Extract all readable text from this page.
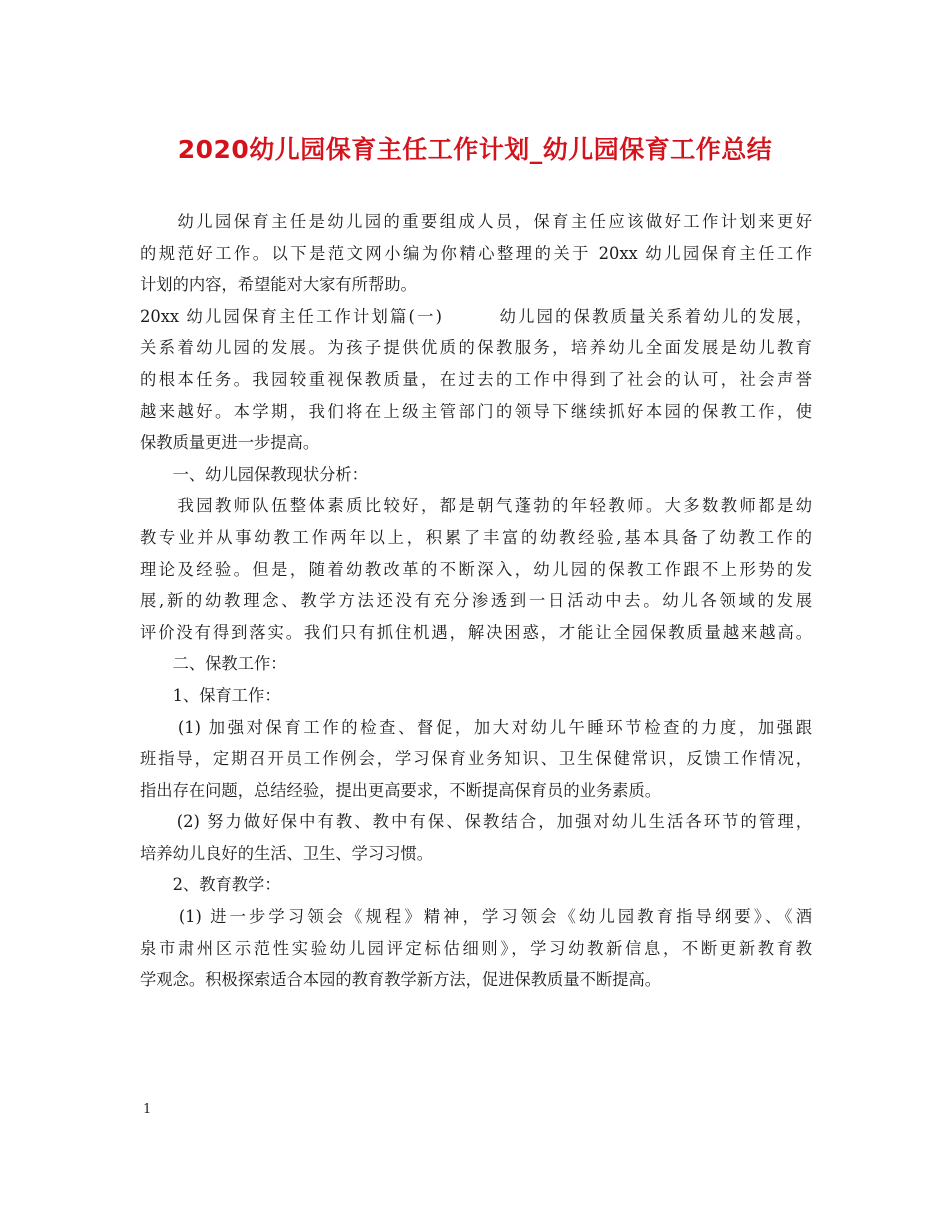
2020幼儿园保育主任工作计划_幼儿园保育工作总结
　　幼儿园保育主任是幼儿园的重要组成人员，保育主任应该做好工作计划来更好
的规范好工作。以下是范文网小编为你精心整理的关于 20xx 幼儿园保育主任工作
计划的内容，希望能对大家有所帮助。
20xx 幼儿园保育主任工作计划篇(一)　　　幼儿园的保教质量关系着幼儿的发展，
关系着幼儿园的发展。为孩子提供优质的保教服务，培养幼儿全面发展是幼儿教育
的根本任务。我园较重视保教质量，在过去的工作中得到了社会的认可，社会声誉
越来越好。本学期，我们将在上级主管部门的领导下继续抓好本园的保教工作，使
保教质量更进一步提高。
　　一、幼儿园保教现状分析：
　　我园教师队伍整体素质比较好，都是朝气蓬勃的年轻教师。大多数教师都是幼
教专业并从事幼教工作两年以上，积累了丰富的幼教经验,基本具备了幼教工作的
理论及经验。但是，随着幼教改革的不断深入，幼儿园的保教工作跟不上形势的发
展,新的幼教理念、教学方法还没有充分渗透到一日活动中去。幼儿各领域的发展
评价没有得到落实。我们只有抓住机遇，解决困惑，才能让全园保教质量越来越高。
　　二、保教工作：
　　1、保育工作：
　　(1) 加强对保育工作的检查、督促，加大对幼儿午睡环节检查的力度，加强跟
班指导，定期召开员工作例会，学习保育业务知识、卫生保健常识，反馈工作情况，
指出存在问题，总结经验，提出更高要求，不断提高保育员的业务素质。
　　(2) 努力做好保中有教、教中有保、保教结合，加强对幼儿生活各环节的管理，
培养幼儿良好的生活、卫生、学习习惯。
　　2、教育教学：
　　(1) 进一步学习领会《规程》精神，学习领会《幼儿园教育指导纲要》、《酒
泉市肃州区示范性实验幼儿园评定标估细则》，学习幼教新信息，不断更新教育教
学观念。积极探索适合本园的教育教学新方法，促进保教质量不断提高。
1
